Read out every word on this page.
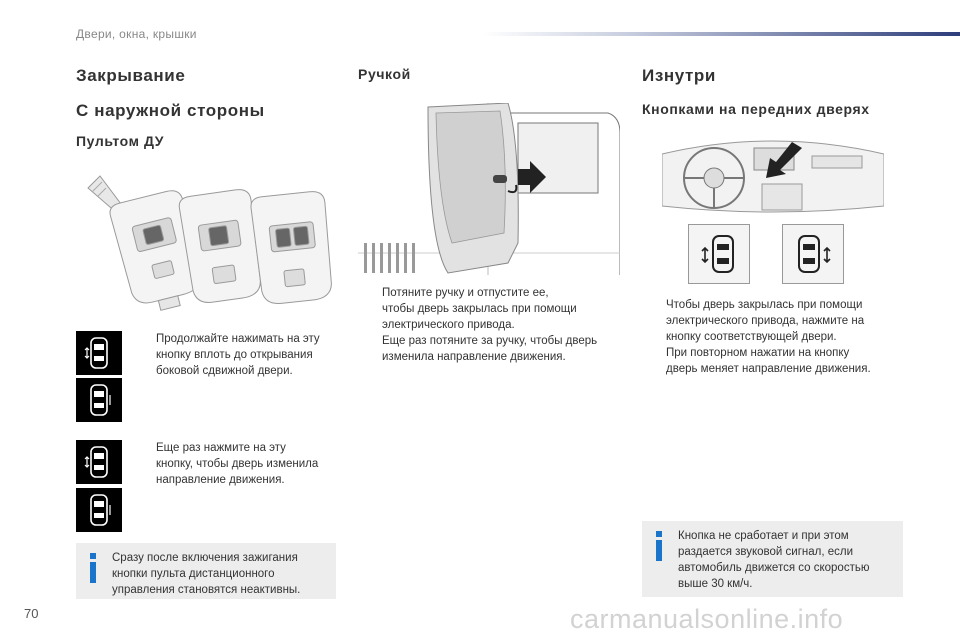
Двери, окна, крышки
Закрывание
С наружной стороны
Пультом ДУ
Продолжайте нажимать на эту
кнопку вплоть до открывания
боковой сдвижной двери.
Еще раз нажмите на эту
кнопку, чтобы дверь изменила
направление движения.
Сразу после включения зажигания
кнопки пульта дистанционного
управления становятся неактивны.
Ручкой
Потяните ручку и отпустите ее,
чтобы дверь закрылась при помощи
электрического привода.
Еще раз потяните за ручку, чтобы дверь
изменила направление движения.
Изнутри
Кнопками на передних дверях
Чтобы дверь закрылась при помощи
электрического привода, нажмите на
кнопку соответствующей двери.
При повторном нажатии на кнопку
дверь меняет направление движения.
Кнопка не сработает и при этом
раздается звуковой сигнал, если
автомобиль движется со скоростью
выше 30 км/ч.
70	carmanualsonline.info
